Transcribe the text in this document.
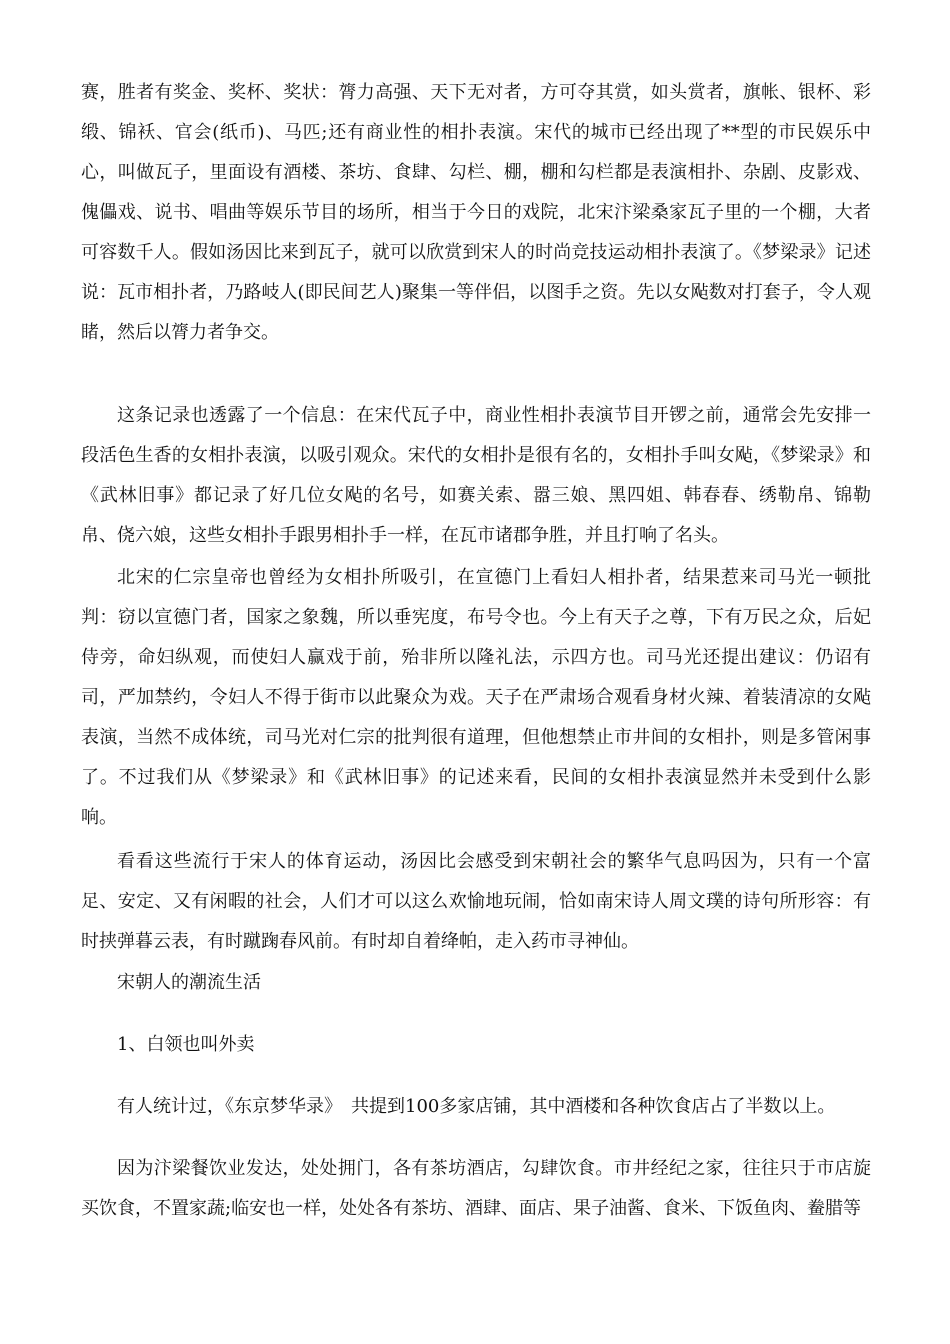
赛，胜者有奖金、奖杯、奖状：膂力高强、天下无对者，方可夺其赏，如头赏者，旗帐、银杯、彩缎、锦袄、官会(纸币)、马匹;还有商业性的相扑表演。宋代的城市已经出现了**型的市民娱乐中心，叫做瓦子，里面设有酒楼、茶坊、食肆、勾栏、棚，棚和勾栏都是表演相扑、杂剧、皮影戏、傀儡戏、说书、唱曲等娱乐节目的场所，相当于今日的戏院，北宋汴梁桑家瓦子里的一个棚，大者可容数千人。假如汤因比来到瓦子，就可以欣赏到宋人的时尚竞技运动相扑表演了。《梦梁录》记述说：瓦市相扑者，乃路岐人(即民间艺人)聚集一等伴侣，以图手之资。先以女飐数对打套子，令人观睹，然后以膂力者争交。

这条记录也透露了一个信息：在宋代瓦子中，商业性相扑表演节目开锣之前，通常会先安排一段活色生香的女相扑表演，以吸引观众。宋代的女相扑是很有名的，女相扑手叫女飐，《梦梁录》和《武林旧事》都记录了好几位女飐的名号，如赛关索、嚣三娘、黑四姐、韩春春、绣勒帛、锦勒帛、侥六娘，这些女相扑手跟男相扑手一样，在瓦市诸郡争胜，并且打响了名头。

北宋的仁宗皇帝也曾经为女相扑所吸引，在宣德门上看妇人相扑者，结果惹来司马光一顿批判：窃以宣德门者，国家之象魏，所以垂宪度，布号令也。今上有天子之尊，下有万民之众，后妃侍旁，命妇纵观，而使妇人赢戏于前，殆非所以隆礼法，示四方也。司马光还提出建议：仍诏有司，严加禁约，令妇人不得于街市以此聚众为戏。天子在严肃场合观看身材火辣、着装清凉的女飐表演，当然不成体统，司马光对仁宗的批判很有道理，但他想禁止市井间的女相扑，则是多管闲事了。不过我们从《梦梁录》和《武林旧事》的记述来看，民间的女相扑表演显然并未受到什么影响。

看看这些流行于宋人的体育运动，汤因比会感受到宋朝社会的繁华气息吗因为，只有一个富足、安定、又有闲暇的社会，人们才可以这么欢愉地玩闹，恰如南宋诗人周文璞的诗句所形容：有时挟弹暮云表，有时蹴踘春风前。有时却自着绛帕，走入药市寻神仙。

宋朝人的潮流生活

1、白领也叫外卖

有人统计过，《东京梦华录》　共提到100多家店铺，其中酒楼和各种饮食店占了半数以上。

因为汴梁餐饮业发达，处处拥门，各有茶坊酒店，勾肆饮食。市井经纪之家，往往只于市店旋买饮食，不置家蔬;临安也一样，处处各有茶坊、酒肆、面店、果子油酱、食米、下饭鱼肉、鲞腊等
